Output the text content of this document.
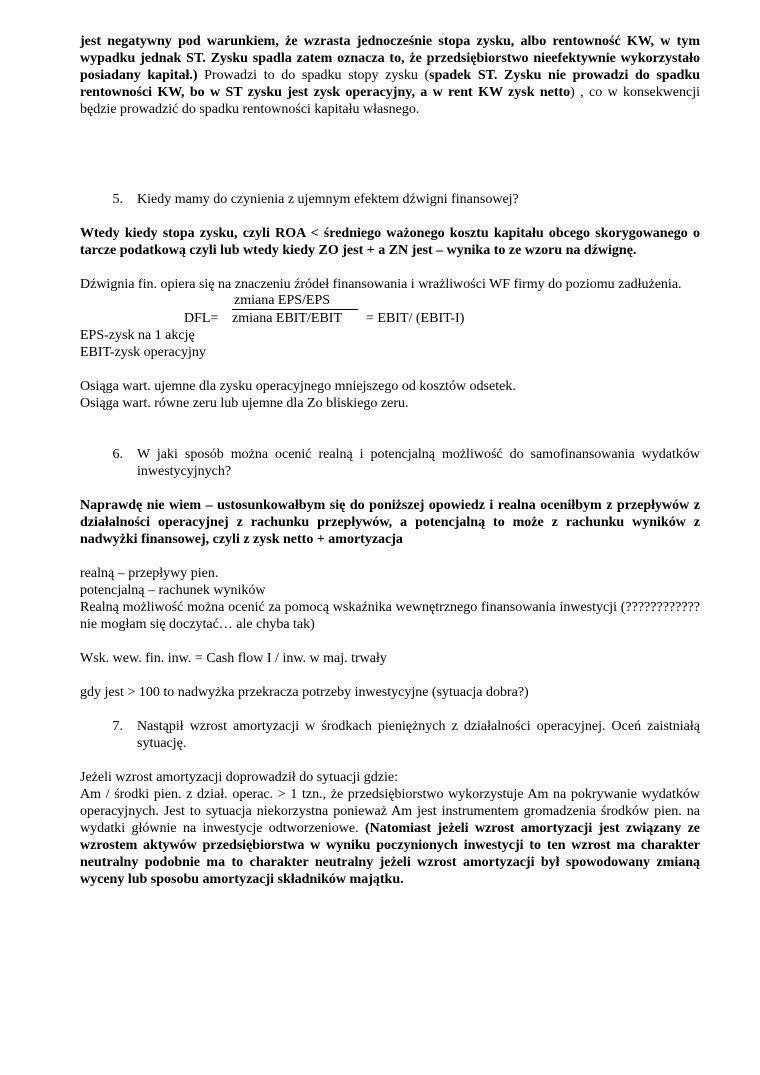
jest negatywny pod warunkiem, że wzrasta jednocześnie stopa zysku, albo rentowność KW, w tym wypadku jednak ST. Zysku spadla zatem oznacza to, że przedsiębiorstwo nieefektywnie wykorzystało posiadany kapitał.) Prowadzi to do spadku stopy zysku (spadek ST. Zysku nie prowadzi do spadku rentowności KW, bo w ST zysku jest zysk operacyjny, a w rent KW zysk netto) , co w konsekwencji będzie prowadzić do spadku rentowności kapitału własnego.

5.	Kiedy mamy do czynienia z ujemnym efektem dźwigni finansowej?

Wtedy kiedy stopa zysku, czyli ROA < średniego ważonego kosztu kapitału obcego skorygowanego o tarcze podatkową czyli lub wtedy kiedy ZO jest + a ZN jest – wynika to ze wzoru na dźwignę.

Dźwignia fin. opiera się na znaczeniu źródeł finansowania i wrażliwości WF firmy do poziomu zadłużenia.

zmiana EPS/EPS
DFL= zmiana EBIT/EBIT = EBIT/ (EBIT-I)

EPS-zysk na 1 akcję

EBIT-zysk operacyjny

Osiąga wart. ujemne dla zysku operacyjnego mniejszego od kosztów odsetek.

Osiąga wart. równe zeru lub ujemne dla Zo bliskiego zeru.

6.	W jaki sposób można ocenić realną i potencjalną możliwość do samofinansowania wydatków inwestycyjnych?

Naprawdę nie wiem – ustosunkowałbym się do poniższej opowiedz i realna oceniłbym z przepływów z działalności operacyjnej z rachunku przepływów, a potencjalną to może z rachunku wyników z nadwyżki finansowej, czyli z zysk netto + amortyzacja

realną – przepływy pien.

potencjalną – rachunek wyników

Realną możliwość można ocenić za pomocą wskaźnika wewnętrznego finansowania inwestycji (???????????? nie mogłam się doczytać… ale chyba tak)

Wsk. wew. fin. inw. = Cash flow I / inw. w maj. trwały

gdy jest > 100 to nadwyżka przekracza potrzeby inwestycyjne (sytuacja dobra?)

7.	Nastąpił wzrost amortyzacji w środkach pieniężnych z działalności operacyjnej. Oceń zaistniałą sytuację.

Jeżeli wzrost amortyzacji doprowadził do sytuacji gdzie:

Am / środki pien. z dział. operac. > 1 tzn., że przedsiębiorstwo wykorzystuje Am na pokrywanie wydatków operacyjnych. Jest to sytuacja niekorzystna ponieważ Am jest instrumentem gromadzenia środków pien. na wydatki głównie na inwestycje odtworzeniowe. (Natomiast jeżeli wzrost amortyzacji jest związany ze wzrostem aktywów przedsiębiorstwa w wyniku poczynionych inwestycji to ten wzrost ma charakter neutralny podobnie ma to charakter neutralny jeżeli wzrost amortyzacji był spowodowany zmianą wyceny lub sposobu amortyzacji składników majątku.
